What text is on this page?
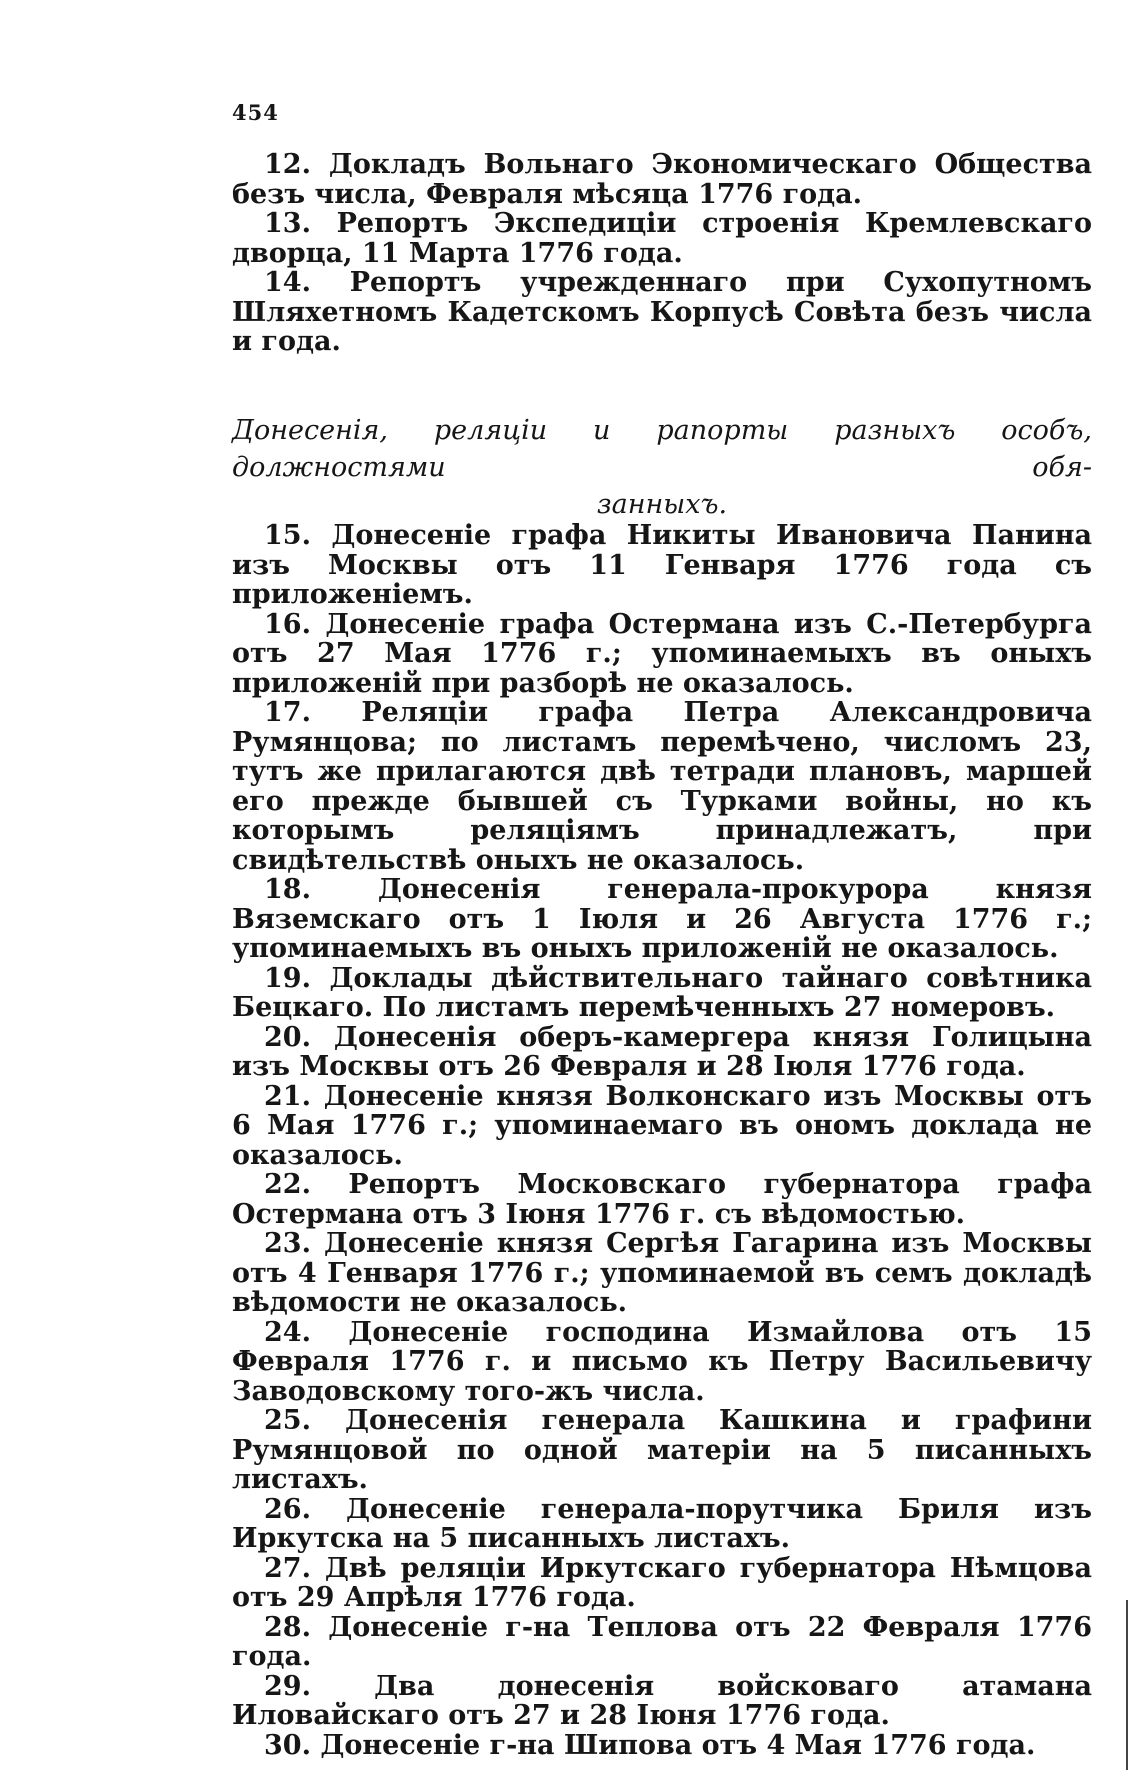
454

12. Докладъ Вольнаго Экономическаго Общества безъ числа, Февраля мѣсяца 1776 года.

13. Репортъ Экспедиціи строенія Кремлевскаго дворца, 11 Марта 1776 года.

14. Репортъ учрежденнаго при Сухопутномъ Шляхетномъ Кадетскомъ Корпусѣ Совѣта безъ числа и года.

Донесенія, реляціи и рапорты разныхъ особъ, должностями обя-
занныхъ.

15. Донесеніе графа Никиты Ивановича Панина изъ Москвы отъ 11 Генваря 1776 года съ приложеніемъ.

16. Донесеніе графа Остермана изъ С.-Петербурга отъ 27 Мая 1776 г.; упоминаемыхъ въ оныхъ приложеній при разборѣ не оказалось.

17. Реляціи графа Петра Александровича Румянцова; по листамъ перемѣчено, числомъ 23, тутъ же прилагаются двѣ тетради плановъ, маршей его прежде бывшей съ Турками войны, но къ которымъ реляціямъ принадлежатъ, при свидѣтельствѣ оныхъ не оказалось.

18. Донесенія генерала-прокурора князя Вяземскаго отъ 1 Іюля и 26 Августа 1776 г.; упоминаемыхъ въ оныхъ приложеній не оказалось.

19. Доклады дѣйствительнаго тайнаго совѣтника Бецкаго. По листамъ перемѣченныхъ 27 номеровъ.

20. Донесенія оберъ-камергера князя Голицына изъ Москвы отъ 26 Февраля и 28 Іюля 1776 года.

21. Донесеніе князя Волконскаго изъ Москвы отъ 6 Мая 1776 г.; упоминаемаго въ ономъ доклада не оказалось.

22. Репортъ Московскаго губернатора графа Остермана отъ 3 Іюня 1776 г. съ вѣдомостью.

23. Донесеніе князя Сергѣя Гагарина изъ Москвы отъ 4 Генваря 1776 г.; упоминаемой въ семъ докладѣ вѣдомости не оказалось.

24. Донесеніе господина Измайлова отъ 15 Февраля 1776 г. и письмо къ Петру Васильевичу Заводовскому того-жъ числа.

25. Донесенія генерала Кашкина и графини Румянцовой по одной матеріи на 5 писанныхъ листахъ.

26. Донесеніе генерала-порутчика Бриля изъ Иркутска на 5 писанныхъ листахъ.

27. Двѣ реляціи Иркутскаго губернатора Нѣмцова отъ 29 Апрѣля 1776 года.

28. Донесеніе г-на Теплова отъ 22 Февраля 1776 года.

29. Два донесенія войсковаго атамана Иловайскаго отъ 27 и 28 Іюня 1776 года.

30. Донесеніе г-на Шипова отъ 4 Мая 1776 года.
